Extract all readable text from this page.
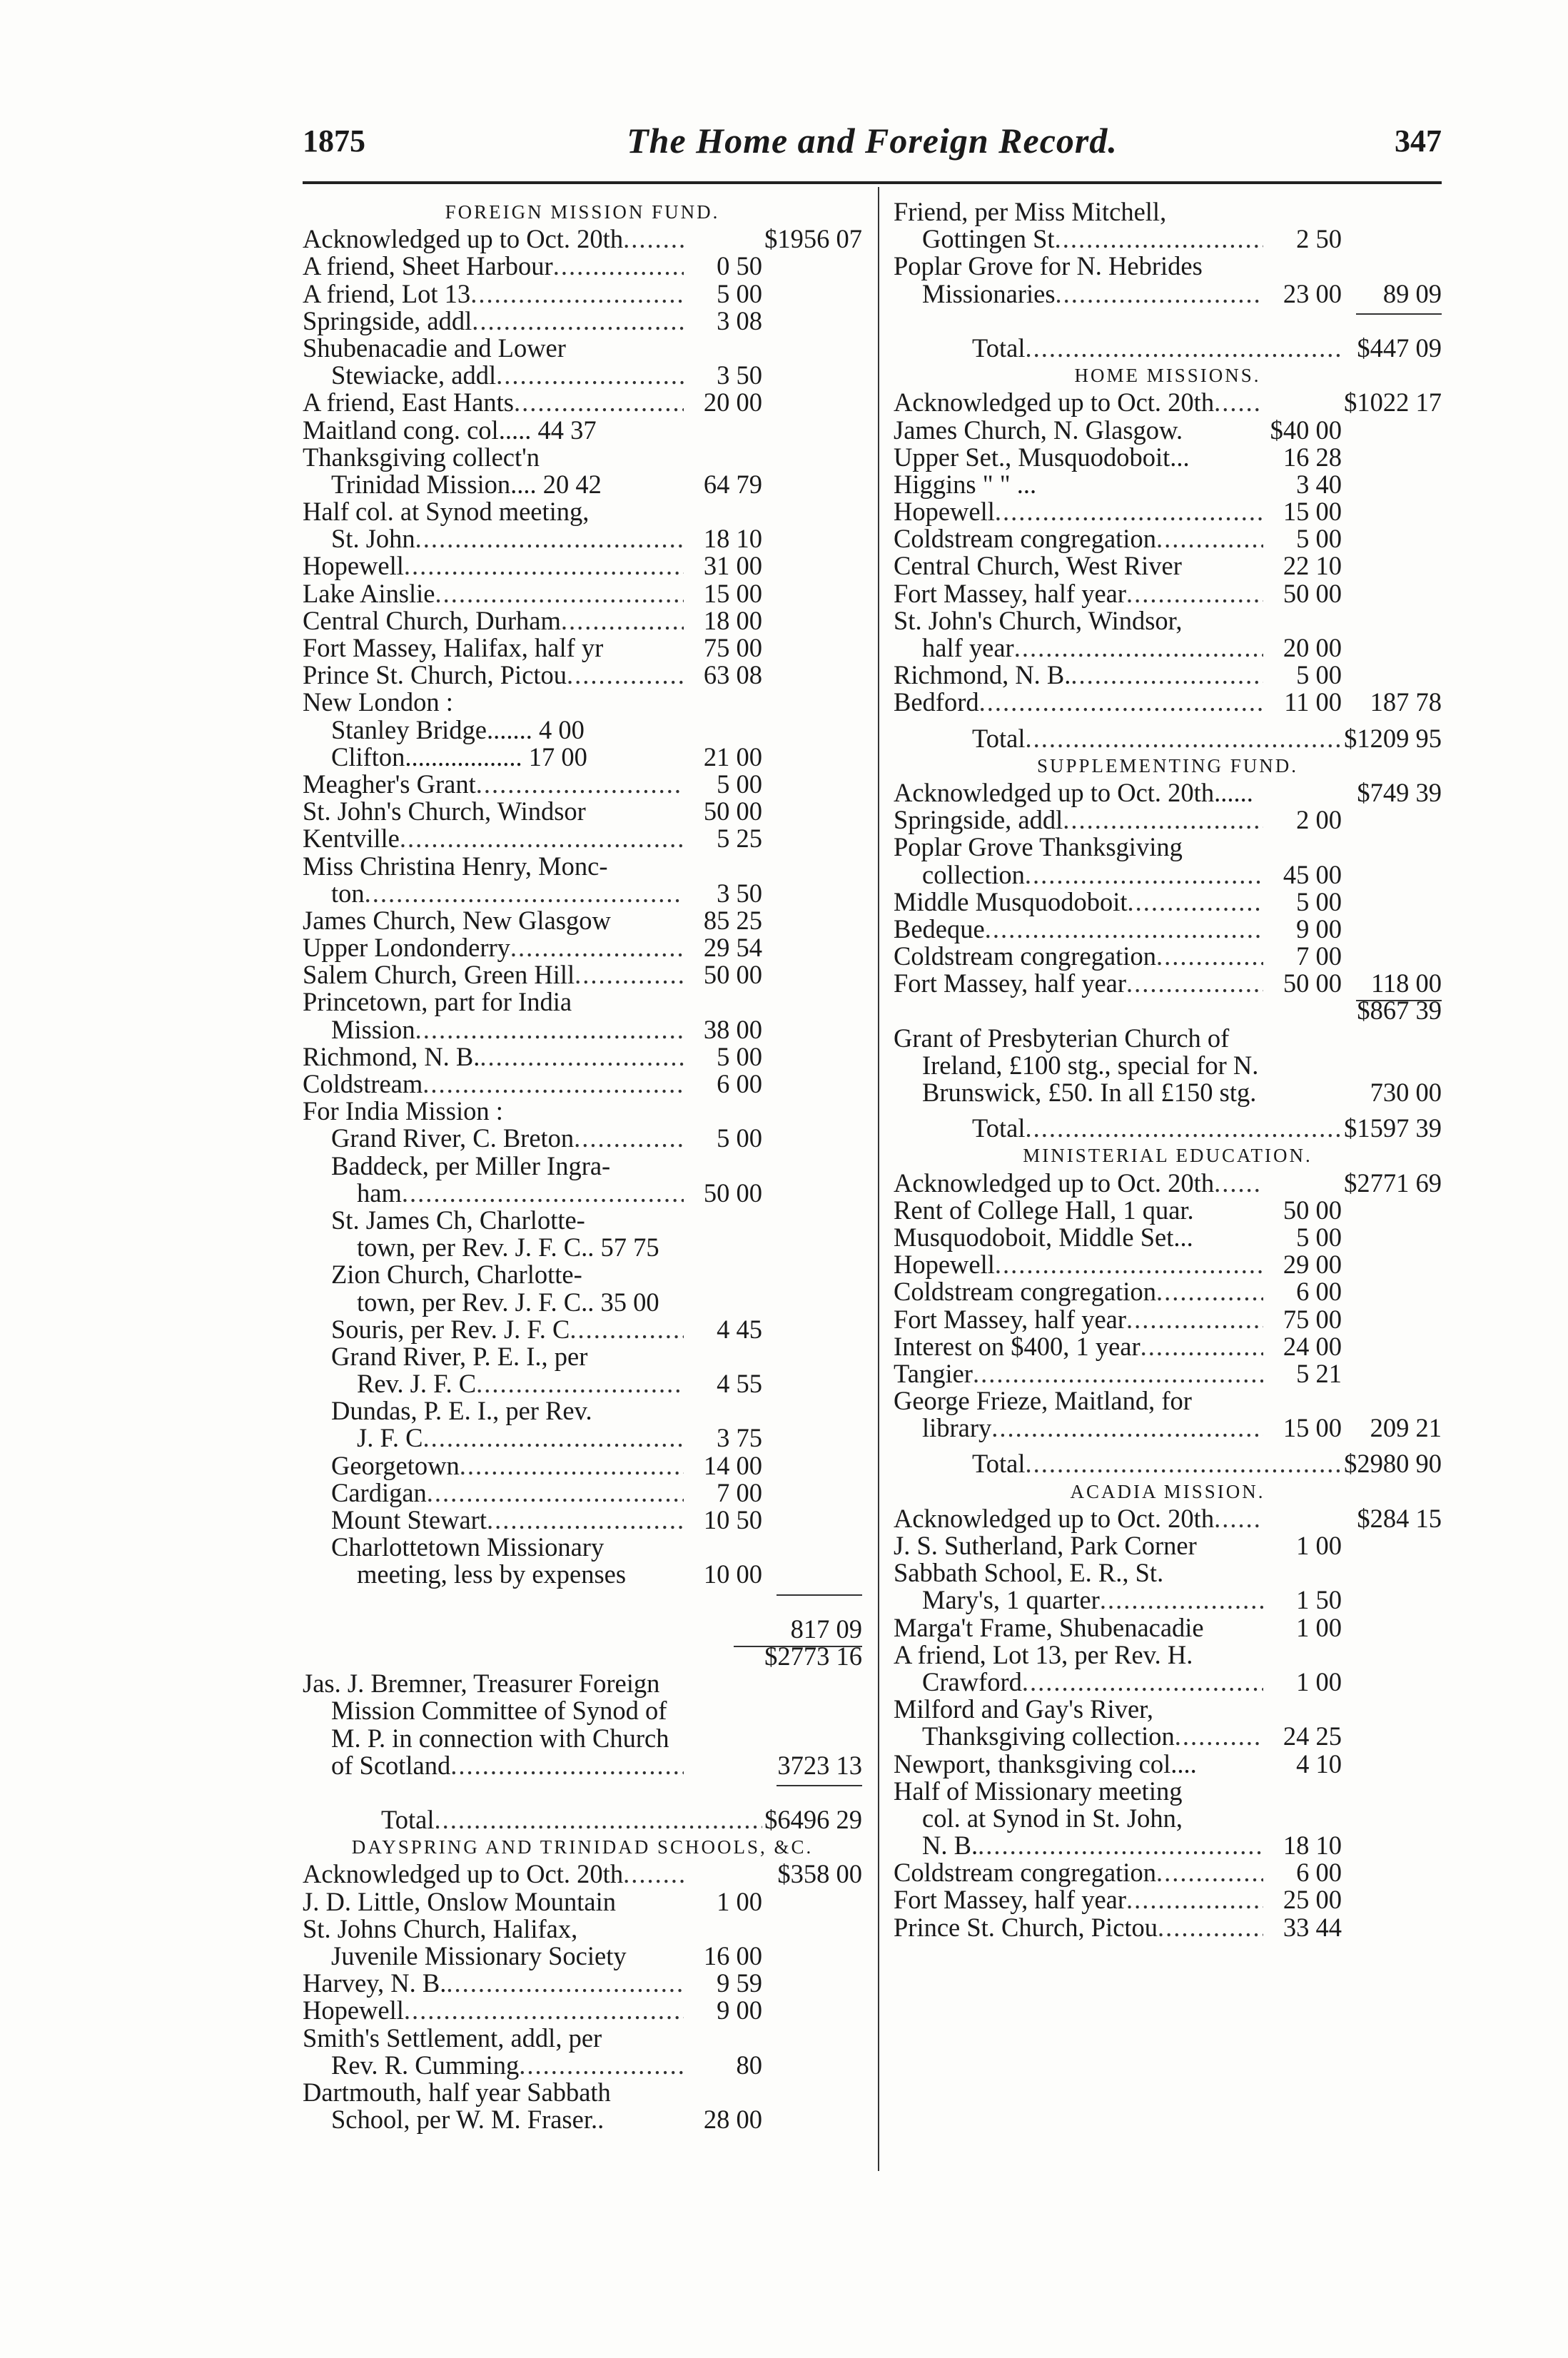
1875	The Home and Foreign Record.	347
FOREIGN MISSION FUND.
Acknowledged up to Oct. 20th .....	$1956 07
A friend, Sheet Harbour .....	0 50
A friend, Lot 13 .....	5 00
Springside, addl .....	3 08
Shubenacadie and Lower
Stewiacke, addl .....	3 50
A friend, East Hants .....	20 00
Maitland cong. col..... 44 37
Thanksgiving collect'n
Trinidad Mission.... 20 42	64 79
Half col. at Synod meeting,
St. John .....	18 10
Hopewell .....	31 00
Lake Ainslie .....	15 00
Central Church, Durham .....	18 00
Fort Massey, Halifax, half yr	75 00
Prince St. Church, Pictou .....	63 08
New London :
Stanley Bridge....... 4 00
Clifton.................. 17 00	21 00
Meagher's Grant .....	5 00
St. John's Church, Windsor	50 00
Kentville .....	5 25
Miss Christina Henry, Monc-
ton .....	3 50
James Church, New Glasgow	85 25
Upper Londonderry .....	29 54
Salem Church, Green Hill .....	50 00
Princetown, part for India
Mission .....	38 00
Richmond, N. B. .....	5 00
Coldstream .....	6 00
For India Mission :
Grand River, C. Breton .....	5 00
Baddeck, per Miller Ingra-
ham .....	50 00
St. James Ch, Charlotte-
town, per Rev. J. F. C.. 57 75
Zion Church, Charlotte-
town, per Rev. J. F. C.. 35 00
Souris, per Rev. J. F. C .....	4 45
Grand River, P. E. I., per
Rev. J. F. C .....	4 55
Dundas, P. E. I., per Rev.
J. F. C .....	3 75
Georgetown .....	14 00
Cardigan .....	7 00
Mount Stewart .....	10 50
Charlottetown Missionary
meeting, less by expenses	10 00
817 09
$2773 16
Jas. J. Bremner, Treasurer Foreign
Mission Committee of Synod of
M. P. in connection with Church
of Scotland .....	3723 13
Total .....	$6496 29
DAYSPRING AND TRINIDAD SCHOOLS, &C.
Acknowledged up to Oct. 20th .....	$358 00
J. D. Little, Onslow Mountain	1 00
St. Johns Church, Halifax,
Juvenile Missionary Society	16 00
Harvey, N. B. .....	9 59
Hopewell .....	9 00
Smith's Settlement, addl, per
Rev. R. Cumming .....	80
Dartmouth, half year Sabbath
School, per W. M. Fraser..	28 00
Friend, per Miss Mitchell,
Gottingen St .....	2 50
Poplar Grove for N. Hebrides
Missionaries .....	23 00	89 09
Total .....	$447 09
HOME MISSIONS.
Acknowledged up to Oct. 20th .....	$1022 17
James Church, N. Glasgow.	$40 00
Upper Set., Musquodoboit...	16 28
Higgins " " ...	3 40
Hopewell .....	15 00
Coldstream congregation .....	5 00
Central Church, West River	22 10
Fort Massey, half year .....	50 00
St. John's Church, Windsor,
half year .....	20 00
Richmond, N. B. .....	5 00
Bedford .....	11 00	187 78
Total .....	$1209 95
SUPPLEMENTING FUND.
Acknowledged up to Oct. 20th......	$749 39
Springside, addl .....	2 00
Poplar Grove Thanksgiving
collection .....	45 00
Middle Musquodoboit .....	5 00
Bedeque .....	9 00
Coldstream congregation .....	7 00
Fort Massey, half year .....	50 00	118 00
$867 39
Grant of Presbyterian Church of
Ireland, £100 stg., special for N.
Brunswick, £50. In all £150 stg.	730 00
Total .....	$1597 39
MINISTERIAL EDUCATION.
Acknowledged up to Oct. 20th .....	$2771 69
Rent of College Hall, 1 quar.	50 00
Musquodoboit, Middle Set...	5 00
Hopewell .....	29 00
Coldstream congregation .....	6 00
Fort Massey, half year .....	75 00
Interest on $400, 1 year .....	24 00
Tangier .....	5 21
George Frieze, Maitland, for
library .....	15 00	209 21
Total .....	$2980 90
ACADIA MISSION.
Acknowledged up to Oct. 20th .....	$284 15
J. S. Sutherland, Park Corner	1 00
Sabbath School, E. R., St.
Mary's, 1 quarter .....	1 50
Marga't Frame, Shubenacadie	1 00
A friend, Lot 13, per Rev. H.
Crawford .....	1 00
Milford and Gay's River,
Thanksgiving collection .....	24 25
Newport, thanksgiving col....	4 10
Half of Missionary meeting
col. at Synod in St. John,
N. B. .....	18 10
Coldstream congregation .....	6 00
Fort Massey, half year .....	25 00
Prince St. Church, Pictou .....	33 44
